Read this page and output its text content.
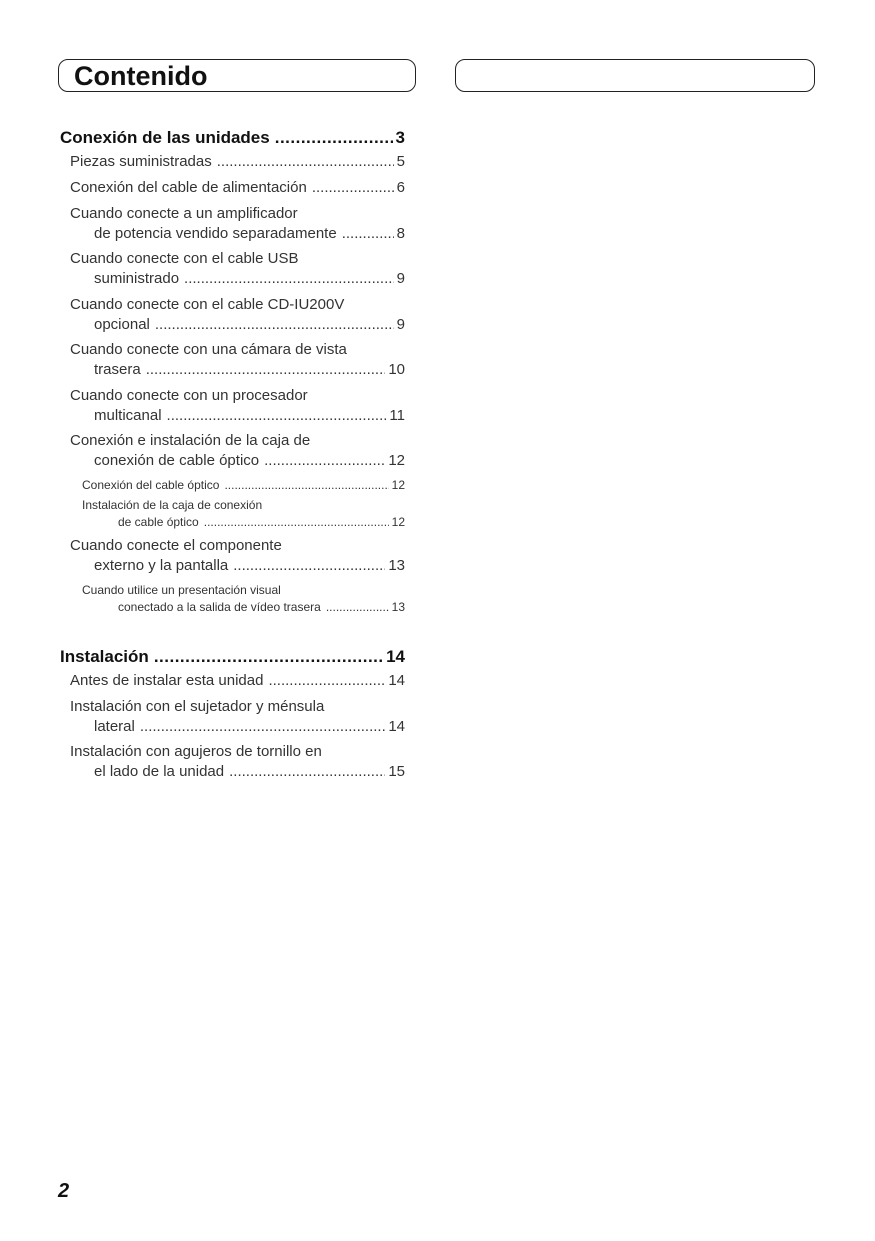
Contenido
Conexión de las unidades .....	3
Piezas suministradas .....	5
Conexión del cable de alimentación .....	6
Cuando conecte a un amplificador
de potencia vendido separadamente .....	8
Cuando conecte con el cable USB
suministrado .....	9
Cuando conecte con el cable CD-IU200V
opcional .....	9
Cuando conecte con una cámara de vista
trasera .....	10
Cuando conecte con un procesador
multicanal .....	11
Conexión e instalación de la caja de
conexión de cable óptico .....	12
Conexión del cable óptico .....	12
Instalación de la caja de conexión
de cable óptico .....	12
Cuando conecte el componente
externo y la pantalla .....	13
Cuando utilice un presentación visual
conectado a la salida de vídeo trasera .....	13
Instalación .....	14
Antes de instalar esta unidad .....	14
Instalación con el sujetador y ménsula
lateral .....	14
Instalación con agujeros de tornillo en
el lado de la unidad .....	15
2
